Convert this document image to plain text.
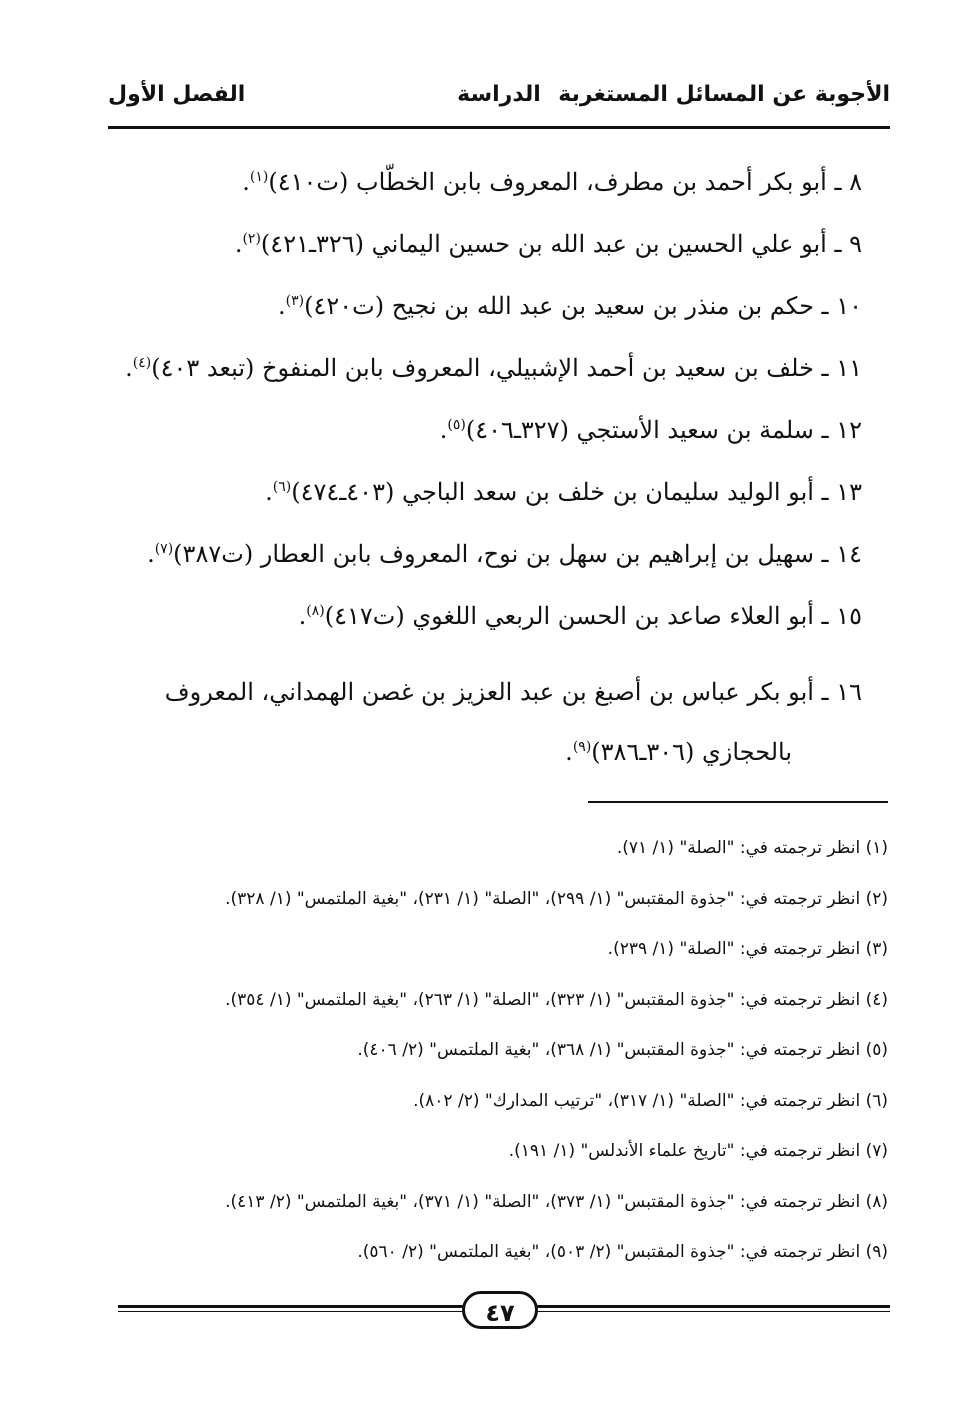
الأجوبة عن المسائل المستغربة
الدراسة
الفصل الأول
٨ ـ أبو بكر أحمد بن مطرف، المعروف بابن الخطّاب (ت٤١٠)$^{(١)}$.
٩ ـ أبو علي الحسين بن عبد الله بن حسين اليماني (٣٢٦ـ٤٢١)$^{(٢)}$.
١٠ ـ حكم بن منذر بن سعيد بن عبد الله بن نجيح (ت٤٢٠)$^{(٣)}$.
١١ ـ خلف بن سعيد بن أحمد الإشبيلي، المعروف بابن المنفوخ (تبعد ٤٠٣)$^{(٤)}$.
١٢ ـ سلمة بن سعيد الأستجي (٣٢٧ـ٤٠٦)$^{(٥)}$.
١٣ ـ أبو الوليد سليمان بن خلف بن سعد الباجي (٤٠٣ـ٤٧٤)$^{(٦)}$.
١٤ ـ سهيل بن إبراهيم بن سهل بن نوح، المعروف بابن العطار (ت٣٨٧)$^{(٧)}$.
١٥ ـ أبو العلاء صاعد بن الحسن الربعي اللغوي (ت٤١٧)$^{(٨)}$.
١٦ ـ أبو بكر عباس بن أصبغ بن عبد العزيز بن غصن الهمداني، المعروف
بالحجازي (٣٠٦ـ٣٨٦)$^{(٩)}$.
(١) انظر ترجمته في: "الصلة" (١/ ٧١).
(٢) انظر ترجمته في: "جذوة المقتبس" (١/ ٢٩٩)، "الصلة" (١/ ٢٣١)، "بغية الملتمس" (١/ ٣٢٨).
(٣) انظر ترجمته في: "الصلة" (١/ ٢٣٩).
(٤) انظر ترجمته في: "جذوة المقتبس" (١/ ٣٢٣)، "الصلة" (١/ ٢٦٣)، "بغية الملتمس" (١/ ٣٥٤).
(٥) انظر ترجمته في: "جذوة المقتبس" (١/ ٣٦٨)، "بغية الملتمس" (٢/ ٤٠٦).
(٦) انظر ترجمته في: "الصلة" (١/ ٣١٧)، "ترتيب المدارك" (٢/ ٨٠٢).
(٧) انظر ترجمته في: "تاريخ علماء الأندلس" (١/ ١٩١).
(٨) انظر ترجمته في: "جذوة المقتبس" (١/ ٣٧٣)، "الصلة" (١/ ٣٧١)، "بغية الملتمس" (٢/ ٤١٣).
(٩) انظر ترجمته في: "جذوة المقتبس" (٢/ ٥٠٣)، "بغية الملتمس" (٢/ ٥٦٠).
٤٧
